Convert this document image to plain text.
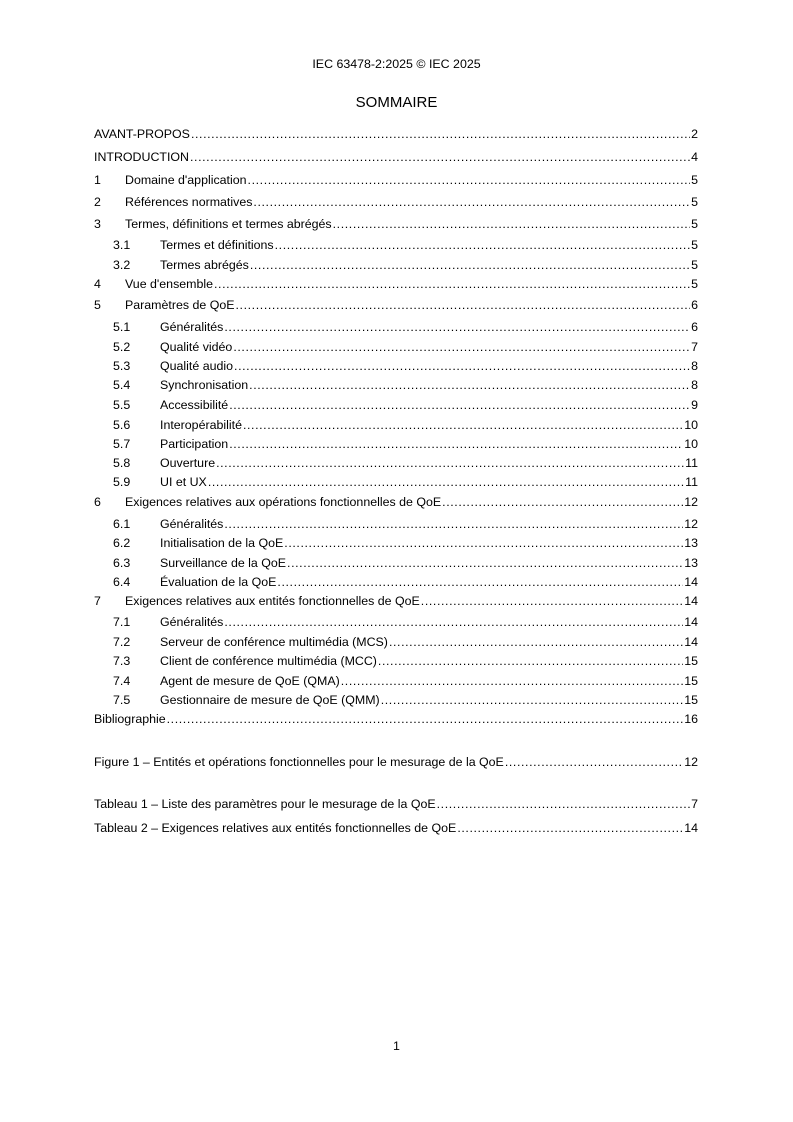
IEC 63478-2:2025 © IEC 2025
SOMMAIRE
AVANT-PROPOS .....	2
INTRODUCTION .....	4
1	Domaine d'application .....	5
2	Références normatives .....	5
3	Termes, définitions et termes abrégés .....	5
3.1	Termes et définitions .....	5
3.2	Termes abrégés .....	5
4	Vue d'ensemble .....	5
5	Paramètres de QoE .....	6
5.1	Généralités .....	6
5.2	Qualité vidéo .....	7
5.3	Qualité audio .....	8
5.4	Synchronisation .....	8
5.5	Accessibilité .....	9
5.6	Interopérabilité .....	10
5.7	Participation .....	10
5.8	Ouverture .....	11
5.9	UI et UX .....	11
6	Exigences relatives aux opérations fonctionnelles de QoE .....	12
6.1	Généralités .....	12
6.2	Initialisation de la QoE .....	13
6.3	Surveillance de la QoE .....	13
6.4	Évaluation de la QoE .....	14
7	Exigences relatives aux entités fonctionnelles de QoE .....	14
7.1	Généralités .....	14
7.2	Serveur de conférence multimédia (MCS) .....	14
7.3	Client de conférence multimédia (MCC) .....	15
7.4	Agent de mesure de QoE (QMA) .....	15
7.5	Gestionnaire de mesure de QoE (QMM) .....	15
Bibliographie .....	16
Figure 1 – Entités et opérations fonctionnelles pour le mesurage de la QoE .....	12
Tableau 1 – Liste des paramètres pour le mesurage de la QoE .....	7
Tableau 2 – Exigences relatives aux entités fonctionnelles de QoE .....	14
1
